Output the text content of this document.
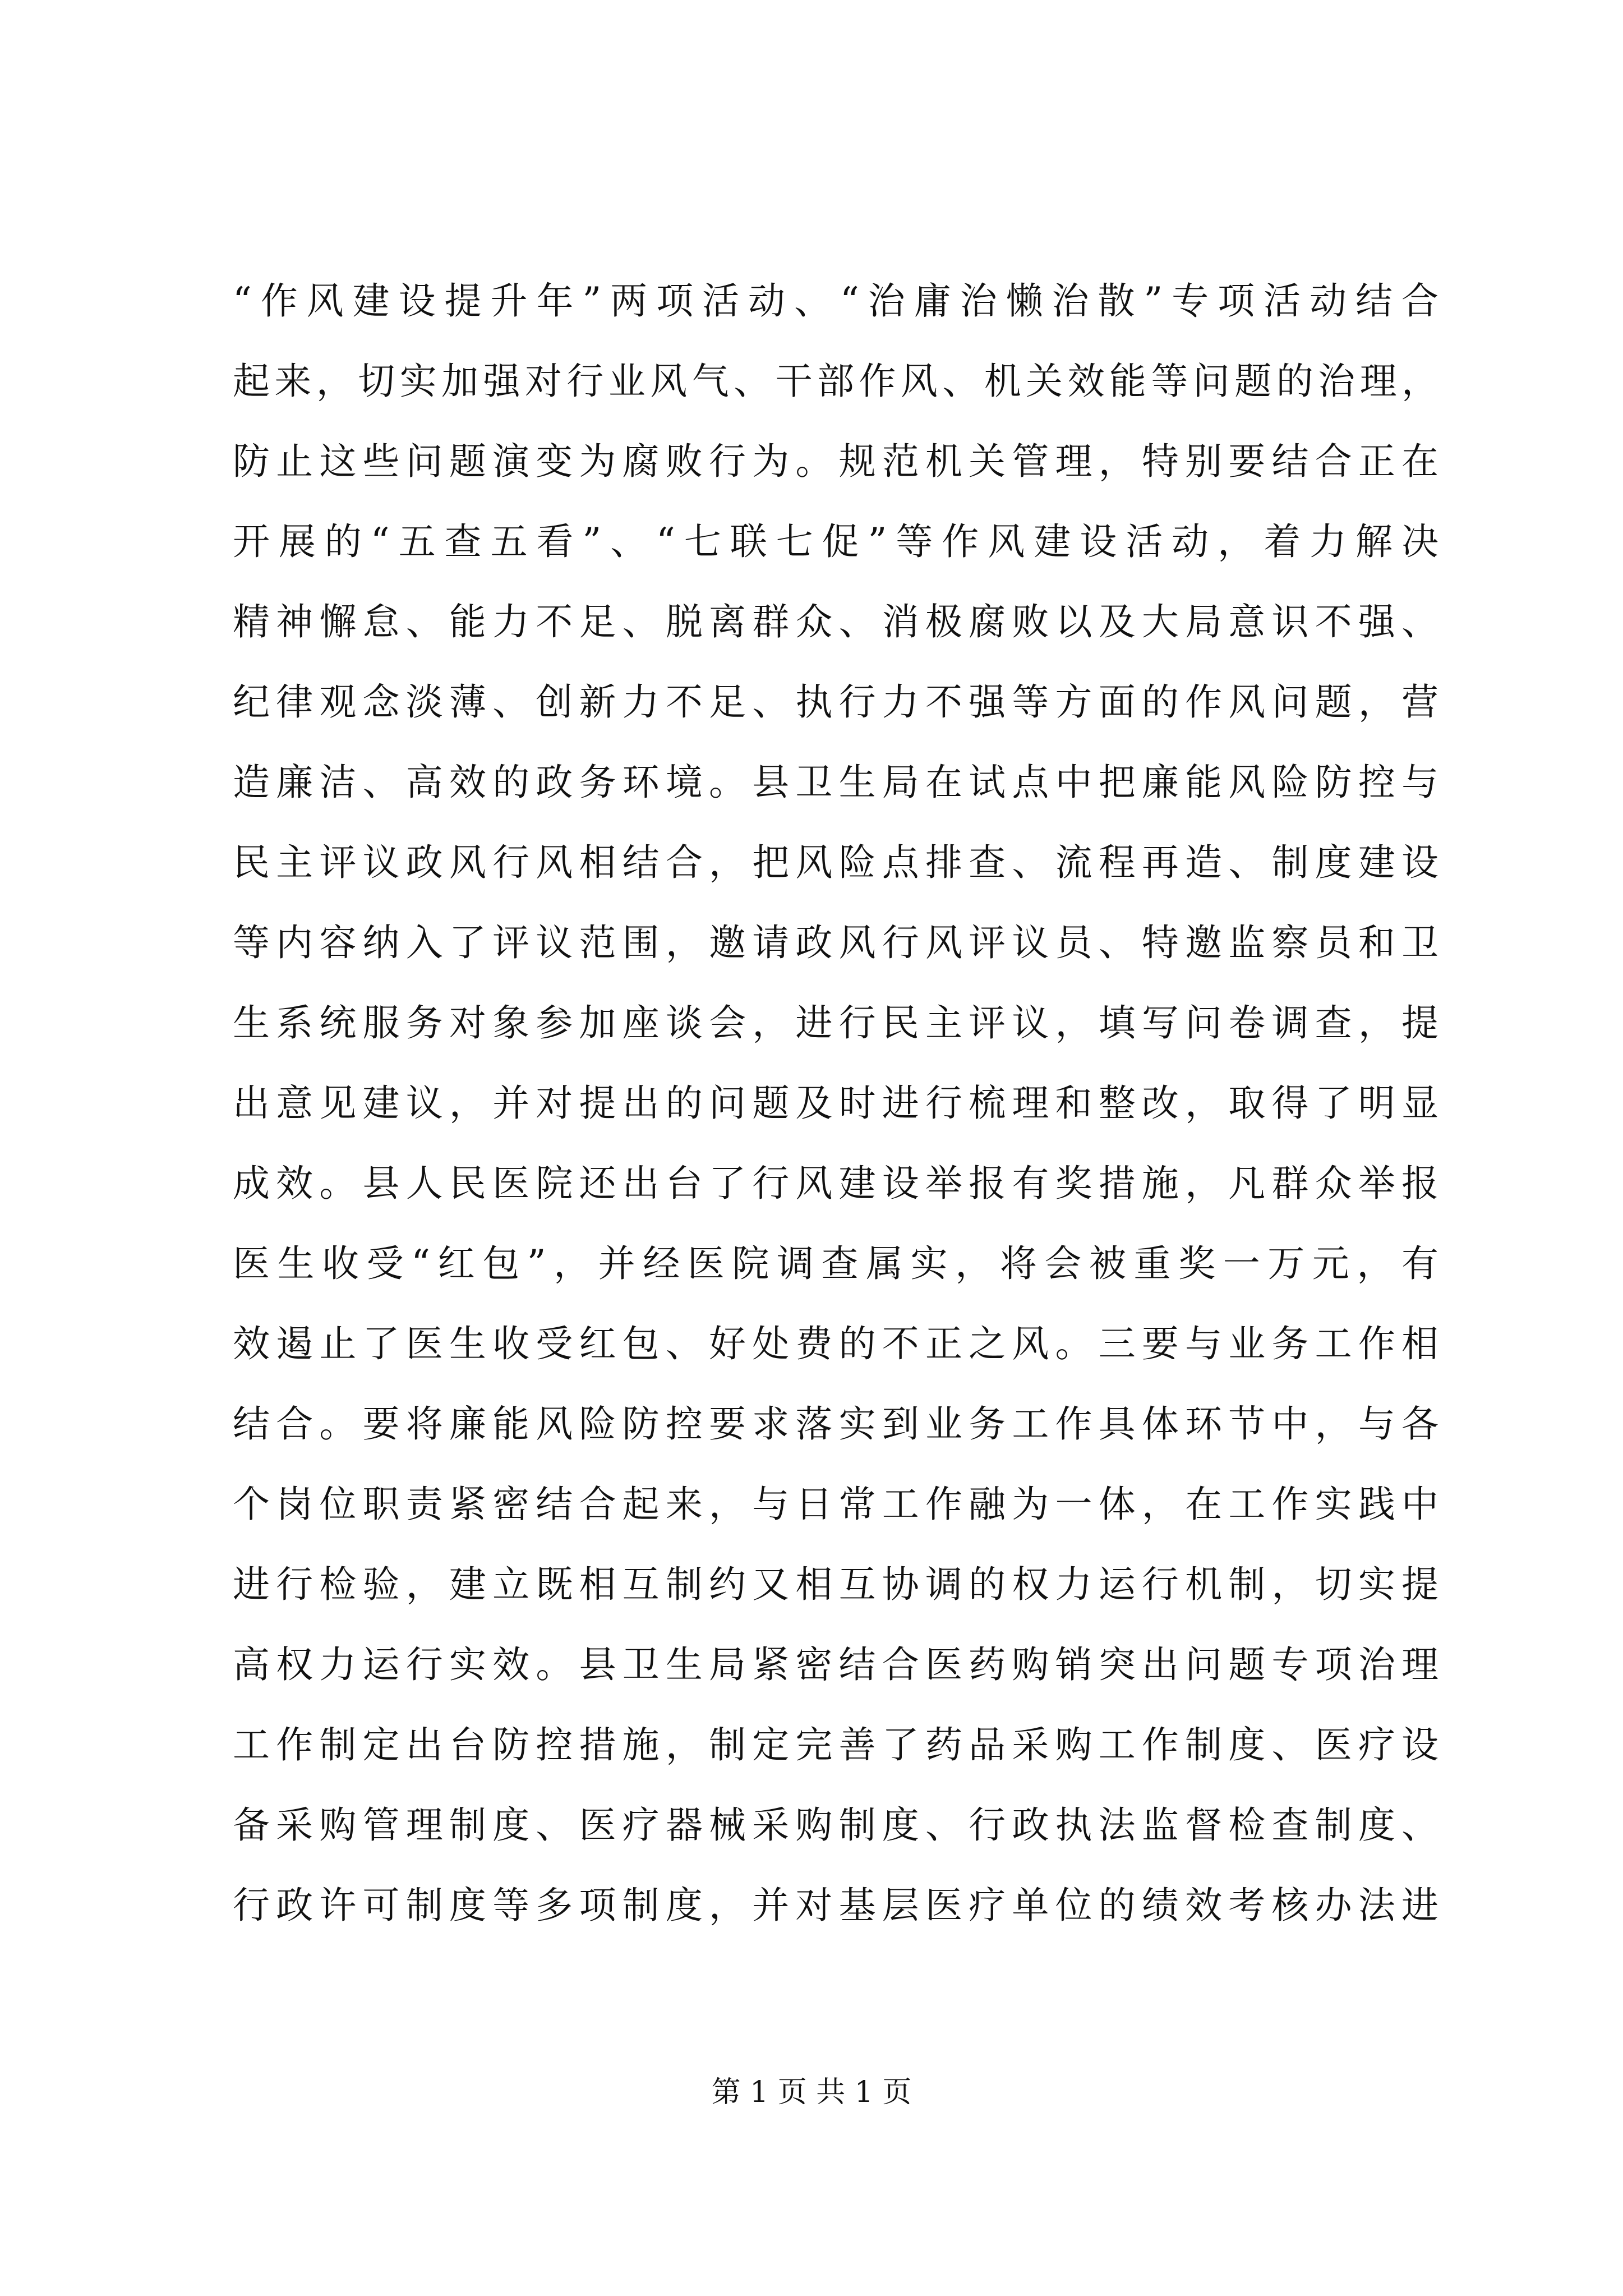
“作风建设提升年”两项活动、“治庸治懒治散”专项活动结合
起来，切实加强对行业风气、干部作风、机关效能等问题的治理，
防止这些问题演变为腐败行为。规范机关管理，特别要结合正在
开展的“五查五看”、“七联七促”等作风建设活动，着力解决
精神懈怠、能力不足、脱离群众、消极腐败以及大局意识不强、
纪律观念淡薄、创新力不足、执行力不强等方面的作风问题，营
造廉洁、高效的政务环境。县卫生局在试点中把廉能风险防控与
民主评议政风行风相结合，把风险点排查、流程再造、制度建设
等内容纳入了评议范围，邀请政风行风评议员、特邀监察员和卫
生系统服务对象参加座谈会，进行民主评议，填写问卷调查，提
出意见建议，并对提出的问题及时进行梳理和整改，取得了明显
成效。县人民医院还出台了行风建设举报有奖措施，凡群众举报
医生收受“红包”，并经医院调查属实，将会被重奖一万元，有
效遏止了医生收受红包、好处费的不正之风。三要与业务工作相
结合。要将廉能风险防控要求落实到业务工作具体环节中，与各
个岗位职责紧密结合起来，与日常工作融为一体，在工作实践中
进行检验，建立既相互制约又相互协调的权力运行机制，切实提
高权力运行实效。县卫生局紧密结合医药购销突出问题专项治理
工作制定出台防控措施，制定完善了药品采购工作制度、医疗设
备采购管理制度、医疗器械采购制度、行政执法监督检查制度、
行政许可制度等多项制度，并对基层医疗单位的绩效考核办法进
第 1 页 共 1 页
